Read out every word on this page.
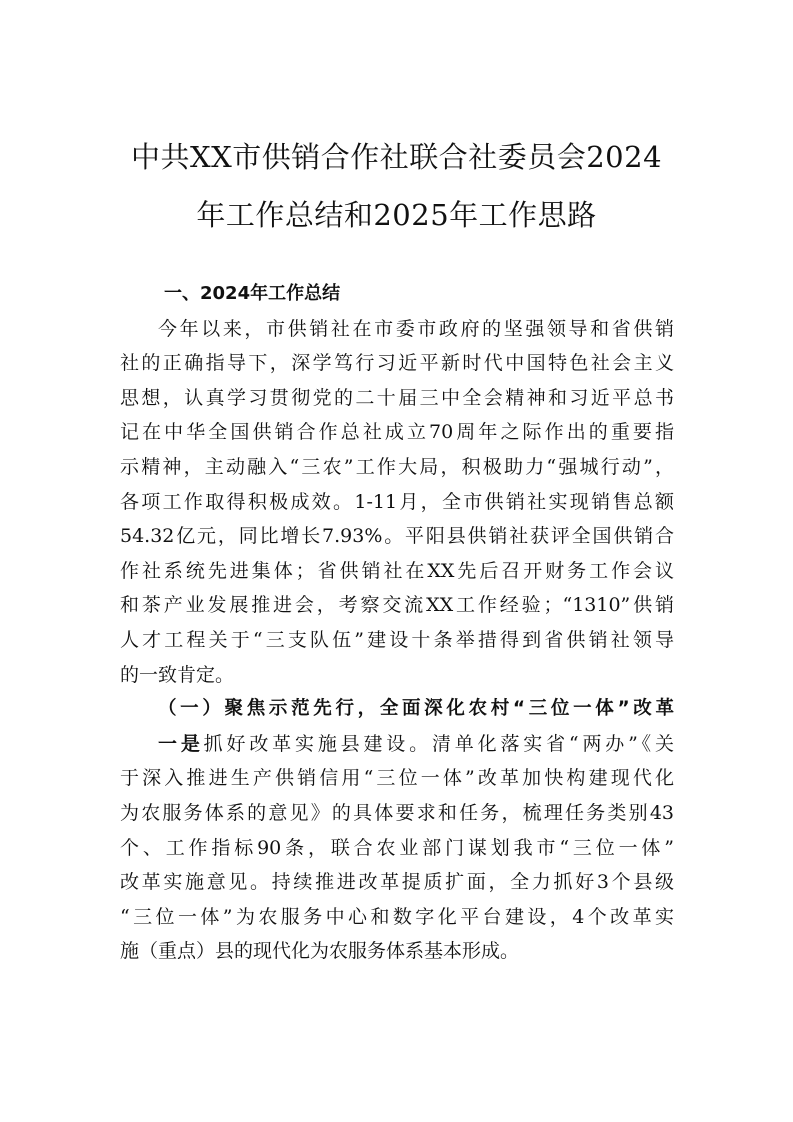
中共XX市供销合作社联合社委员会2024
年工作总结和2025年工作思路
一、2024年工作总结
今年以来，市供销社在市委市政府的坚强领导和省供销
社的正确指导下，深学笃行习近平新时代中国特色社会主义
思想，认真学习贯彻党的二十届三中全会精神和习近平总书
记在中华全国供销合作总社成立70周年之际作出的重要指
示精神，主动融入“三农”工作大局，积极助力“强城行动”，
各项工作取得积极成效。1-11月，全市供销社实现销售总额
54.32亿元，同比增长7.93%。平阳县供销社获评全国供销合
作社系统先进集体；省供销社在XX先后召开财务工作会议
和茶产业发展推进会，考察交流XX工作经验；“1310”供销
人才工程关于“三支队伍”建设十条举措得到省供销社领导
的一致肯定。
（一）聚焦示范先行，全面深化农村“三位一体”改革
一是抓好改革实施县建设。清单化落实省“两办”《关
于深入推进生产供销信用“三位一体”改革加快构建现代化
为农服务体系的意见》的具体要求和任务，梳理任务类别43
个、工作指标90条，联合农业部门谋划我市“三位一体”
改革实施意见。持续推进改革提质扩面，全力抓好3个县级
“三位一体”为农服务中心和数字化平台建设，4个改革实
施（重点）县的现代化为农服务体系基本形成。
